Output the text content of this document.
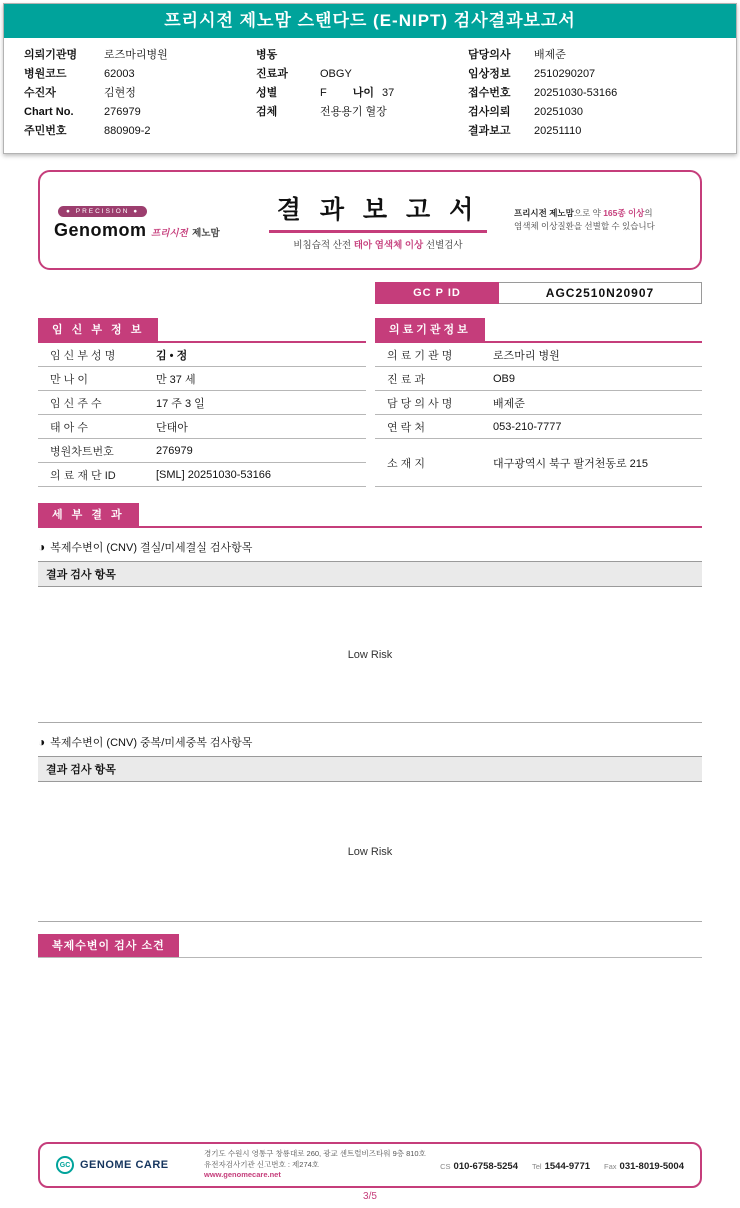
프리시전 제노맘 스탠다드 (E-NIPT) 검사결과보고서
의뢰기관명	로즈마리병원
병원코드	62003
수진자	김현정
Chart No.	276979
주민번호	880909-2
병동
진료과	OBGY
성별	F 나이 37
검체	전용용기 혈장
담당의사	배제준
임상정보	2510290207
접수번호	20251030-53166
검사의뢰	20251030
결과보고	20251110
● PRECISION ●
Genomom 프리시전 제노맘
결 과 보 고 서
비침습적 산전 태아 염색체 이상 선별검사
프리시전 제노맘으로 약 165종 이상의
염색체 이상질환을 선별할 수 있습니다
GC P ID	AGC2510N20907
임 신 부 정 보
임 신 부 성 명	김 • 정
만 나 이	만 37 세
임 신 주 수	17 주 3 일
태 아 수	단태아
병원차트번호	276979
의 료 재 단 ID	[SML] 20251030-53166
의료기관정보
의 료 기 관 명	로즈마리 병원
진 료 과	OB9
담 당 의 사 명	배제준
연 락 처	053-210-7777
소 재 지	대구광역시 북구 팔거천동로 215
세 부 결 과
◑ 복제수변이 (CNV) 결실/미세결실 검사항목
결과 검사 항목
Low Risk
◑ 복제수변이 (CNV) 중복/미세중복 검사항목
결과 검사 항목
Low Risk
복제수변이 검사 소견
GC GENOME CARE
경기도 수원시 영통구 창룡대로 260, 광교 센트럴비즈타워 9층 810호
유전자검사기관 신고번호 : 제274호
www.genomecare.net
CS 010-6758-5254 Tel 1544-9771 Fax 031-8019-5004
3/5
